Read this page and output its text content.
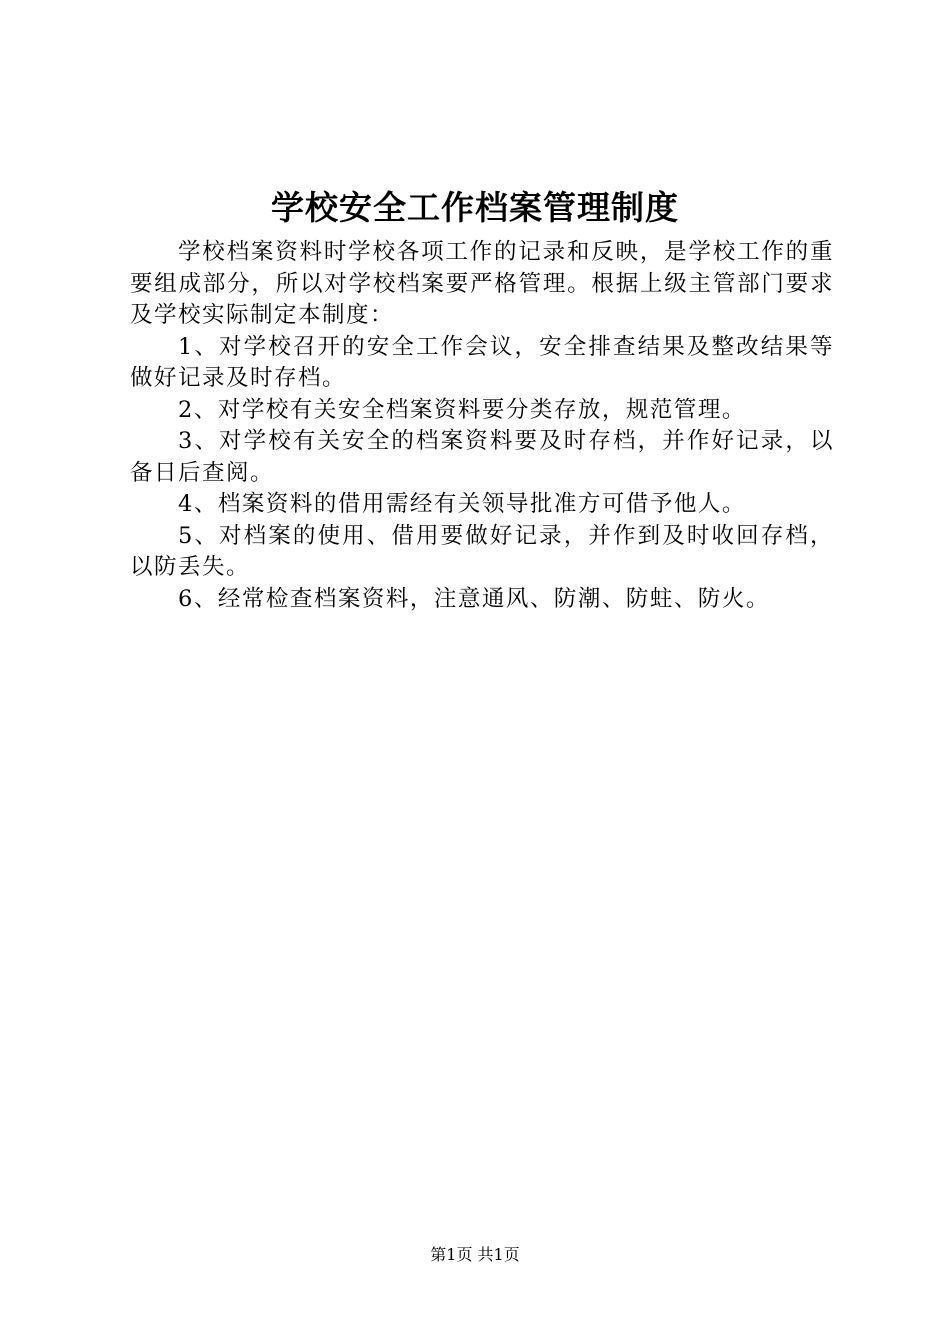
学校安全工作档案管理制度

学校档案资料时学校各项工作的记录和反映，是学校工作的重要组成部分，所以对学校档案要严格管理。根据上级主管部门要求及学校实际制定本制度：

1、对学校召开的安全工作会议，安全排查结果及整改结果等做好记录及时存档。

2、对学校有关安全档案资料要分类存放，规范管理。

3、对学校有关安全的档案资料要及时存档，并作好记录，以备日后查阅。

4、档案资料的借用需经有关领导批准方可借予他人。

5、对档案的使用、借用要做好记录，并作到及时收回存档，以防丢失。

6、经常检查档案资料，注意通风、防潮、防蛀、防火。

第1页 共1页
